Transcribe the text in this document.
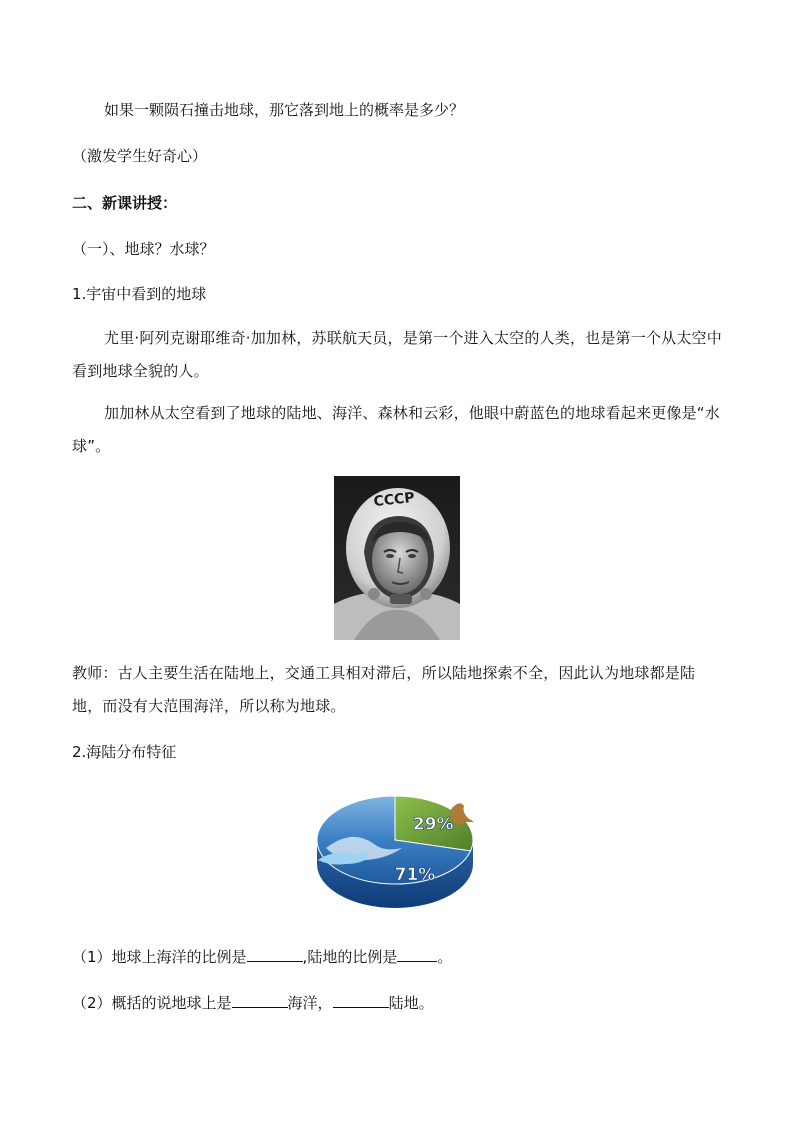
如果一颗陨石撞击地球，那它落到地上的概率是多少？
（激发学生好奇心）
二、新课讲授：
（一）、地球？水球？
1.宇宙中看到的地球
尤里·阿列克谢耶维奇·加加林，苏联航天员，是第一个进入太空的人类，也是第一个从太空中看到地球全貌的人。
加加林从太空看到了地球的陆地、海洋、森林和云彩，他眼中蔚蓝色的地球看起来更像是“水球”。
CCCP
教师：古人主要生活在陆地上，交通工具相对滞后，所以陆地探索不全，因此认为地球都是陆地，而没有大范围海洋，所以称为地球。
2.海陆分布特征
29%
71%
（1）地球上海洋的比例是	,陆地的比例是	。
（2）概括的说地球上是	海洋，	陆地。
